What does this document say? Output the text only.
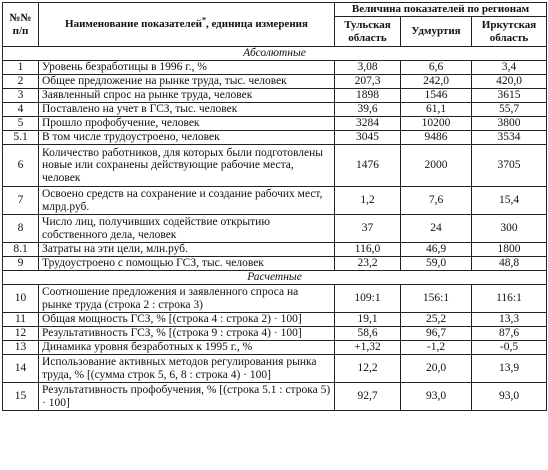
№№ п/п	Наименование показателей*, единица измерения	Величина показателей по регионам		
		Тульская область	Удмуртия	Иркутская область
Абсолютные				
1	Уровень безработицы в 1996 г., %	3,08	6,6	3,4
2	Общее предложение на рынке труда, тыс. человек	207,3	242,0	420,0
3	Заявленный спрос на рынке труда, человек	1898	1546	3615
4	Поставлено на учет в ГСЗ, тыс. человек	39,6	61,1	55,7
5	Прошло профобучение, человек	3284	10200	3800
5.1	В том числе трудоустроено, человек	3045	9486	3534
6	Количество работников, для которых были подготовлены новые или сохранены действующие рабочие места, человек	1476	2000	3705
7	Освоено средств на сохранение и создание рабочих мест, млрд.руб.	1,2	7,6	15,4
8	Число лиц, получивших содействие открытию собственного дела, человек	37	24	300
8.1	Затраты на эти цели, млн.руб.	116,0	46,9	1800
9	Трудоустроено с помощью ГСЗ, тыс. человек	23,2	59,0	48,8
Расчетные				
10	Соотношение предложения и заявленного спроса на рынке труда (строка 2 : строка 3)	109:1	156:1	116:1
11	Общая мощность ГСЗ, % [(строка 4 : строка 2) · 100]	19,1	25,2	13,3
12	Результативность ГСЗ, % [(строка 9 : строка 4) · 100]	58,6	96,7	87,6
13	Динамика уровня безработных к 1995 г., %	+1,32	-1,2	-0,5
14	Использование активных методов регулирования рынка труда, % [(сумма строк 5, 6, 8 : строка 4) · 100]	12,2	20,0	13,9
15	Результативность профобучения, % [(строка 5.1 : строка 5) · 100]	92,7	93,0	93,0
